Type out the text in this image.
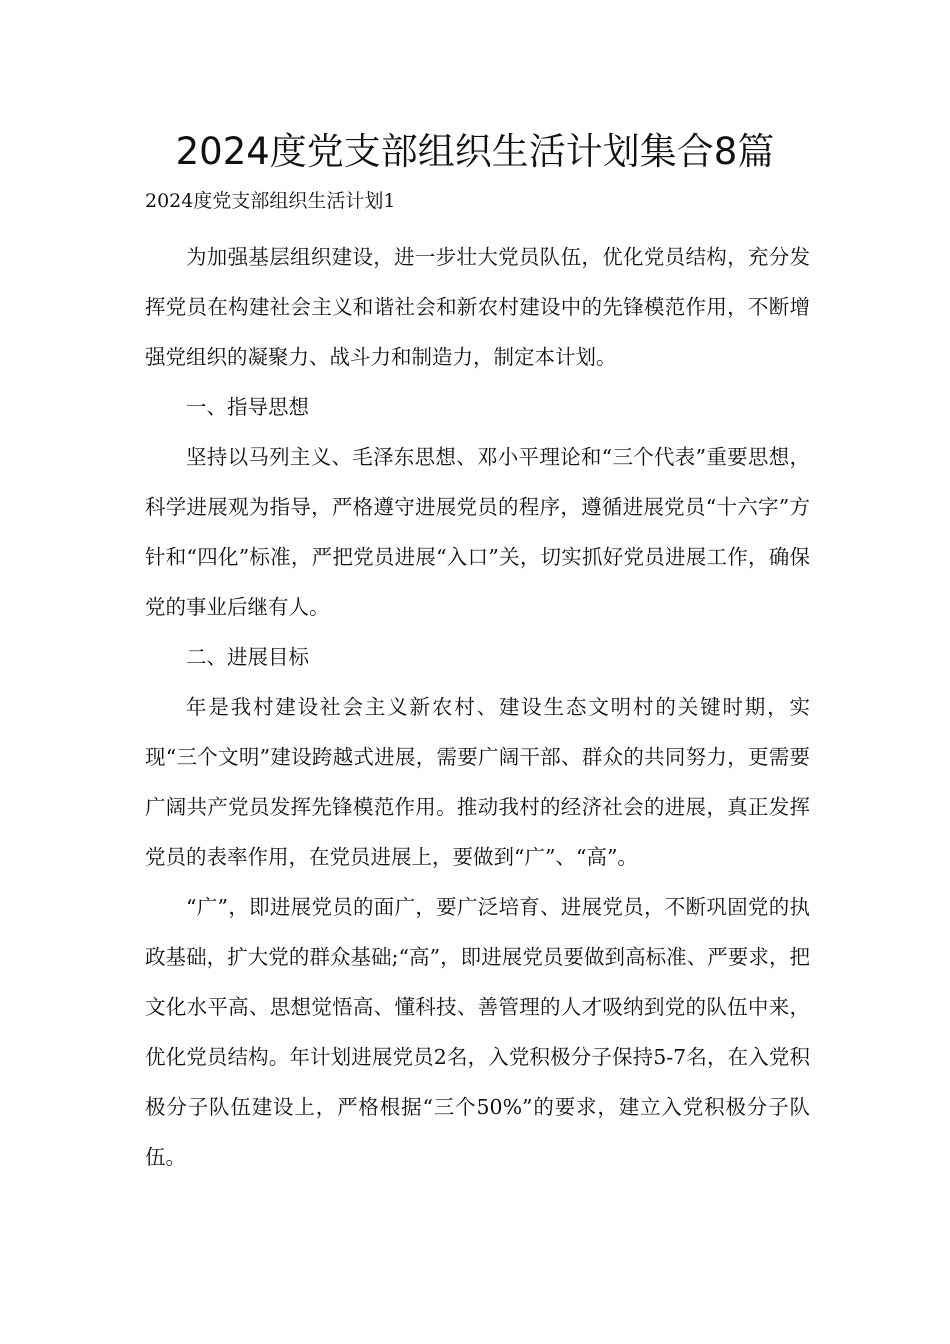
2024度党支部组织生活计划集合8篇

2024度党支部组织生活计划1

为加强基层组织建设，进一步壮大党员队伍，优化党员结构，充分发挥党员在构建社会主义和谐社会和新农村建设中的先锋模范作用，不断增强党组织的凝聚力、战斗力和制造力，制定本计划。

一、指导思想

坚持以马列主义、毛泽东思想、邓小平理论和“三个代表”重要思想，科学进展观为指导，严格遵守进展党员的程序，遵循进展党员“十六字”方针和“四化”标准，严把党员进展“入口”关，切实抓好党员进展工作，确保党的事业后继有人。

二、进展目标

年是我村建设社会主义新农村、建设生态文明村的关键时期，实现“三个文明”建设跨越式进展，需要广阔干部、群众的共同努力，更需要广阔共产党员发挥先锋模范作用。推动我村的经济社会的进展，真正发挥党员的表率作用，在党员进展上，要做到“广”、“高”。

“广”，即进展党员的面广，要广泛培育、进展党员，不断巩固党的执政基础，扩大党的群众基础;“高”，即进展党员要做到高标准、严要求，把文化水平高、思想觉悟高、懂科技、善管理的人才吸纳到党的队伍中来，优化党员结构。年计划进展党员2名，入党积极分子保持5-7名，在入党积极分子队伍建设上，严格根据“三个50%”的要求，建立入党积极分子队伍。
